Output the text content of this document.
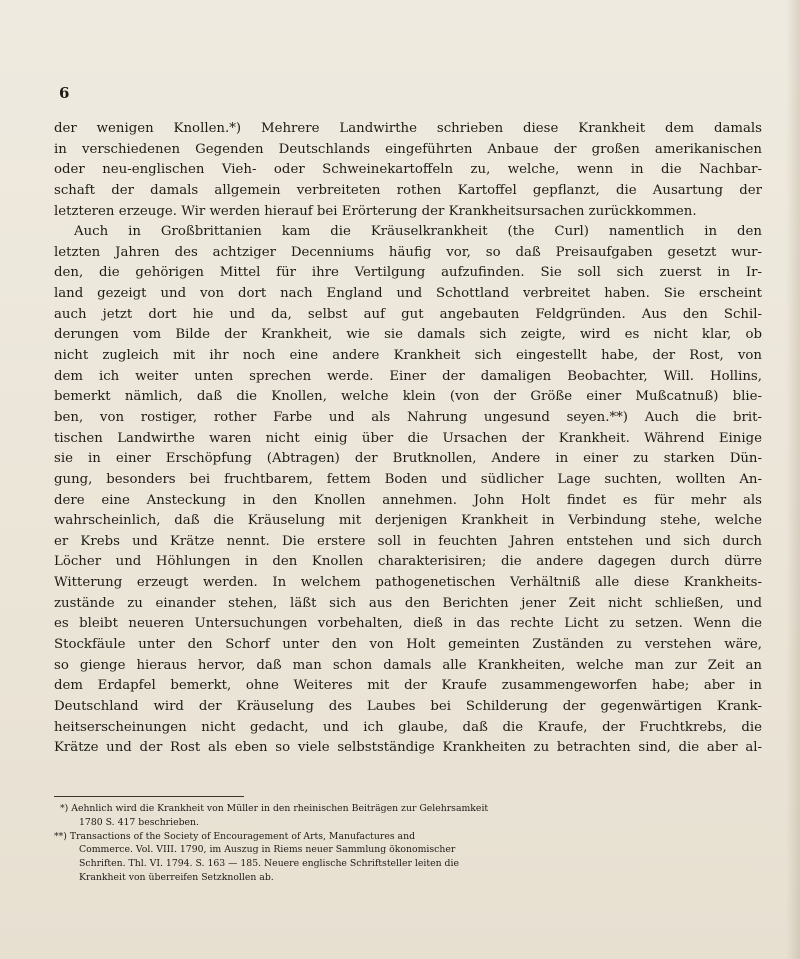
6

der wenigen Knollen.*) Mehrere Landwirthe schrieben diese Krankheit dem damals

in verschiedenen Gegenden Deutschlands eingeführten Anbaue der großen amerikanischen

oder neu-englischen Vieh- oder Schweinekartoffeln zu, welche, wenn in die Nachbar-

schaft der damals allgemein verbreiteten rothen Kartoffel gepflanzt, die Ausartung der

letzteren erzeuge. Wir werden hierauf bei Erörterung der Krankheitsursachen zurückkommen.

Auch in Großbrittanien kam die Kräuselkrankheit (the Curl) namentlich in den

letzten Jahren des achtziger Decenniums häufig vor, so daß Preisaufgaben gesetzt wur-

den, die gehörigen Mittel für ihre Vertilgung aufzufinden. Sie soll sich zuerst in Ir-

land gezeigt und von dort nach England und Schottland verbreitet haben. Sie erscheint

auch jetzt dort hie und da, selbst auf gut angebauten Feldgründen. Aus den Schil-

derungen vom Bilde der Krankheit, wie sie damals sich zeigte, wird es nicht klar, ob

nicht zugleich mit ihr noch eine andere Krankheit sich eingestellt habe, der Rost, von

dem ich weiter unten sprechen werde. Einer der damaligen Beobachter, Will. Hollins,

bemerkt nämlich, daß die Knollen, welche klein (von der Größe einer Mußcatnuß) blie-

ben, von rostiger, rother Farbe und als Nahrung ungesund seyen.**) Auch die brit-

tischen Landwirthe waren nicht einig über die Ursachen der Krankheit. Während Einige

sie in einer Erschöpfung (Abtragen) der Brutknollen, Andere in einer zu starken Dün-

gung, besonders bei fruchtbarem, fettem Boden und südlicher Lage suchten, wollten An-

dere eine Ansteckung in den Knollen annehmen. John Holt findet es für mehr als

wahrscheinlich, daß die Kräuselung mit derjenigen Krankheit in Verbindung stehe, welche

er Krebs und Krätze nennt. Die erstere soll in feuchten Jahren entstehen und sich durch

Löcher und Höhlungen in den Knollen charakterisiren; die andere dagegen durch dürre

Witterung erzeugt werden. In welchem pathogenetischen Verhältniß alle diese Krankheits-

zustände zu einander stehen, läßt sich aus den Berichten jener Zeit nicht schließen, und

es bleibt neueren Untersuchungen vorbehalten, dieß in das rechte Licht zu setzen. Wenn die

Stockfäule unter den Schorf unter den von Holt gemeinten Zuständen zu verstehen wäre,

so gienge hieraus hervor, daß man schon damals alle Krankheiten, welche man zur Zeit an

dem Erdapfel bemerkt, ohne Weiteres mit der Kraufe zusammengeworfen habe; aber in

Deutschland wird der Kräuselung des Laubes bei Schilderung der gegenwärtigen Krank-

heitserscheinungen nicht gedacht, und ich glaube, daß die Kraufe, der Fruchtkrebs, die

Krätze und der Rost als eben so viele selbstständige Krankheiten zu betrachten sind, die aber al-

*) Aehnlich wird die Krankheit von Müller in den rheinischen Beiträgen zur Gelehrsamkeit

1780 S. 417 beschrieben.

**) Transactions of the Society of Encouragement of Arts, Manufactures and

Commerce. Vol. VIII. 1790, im Auszug in Riems neuer Sammlung ökonomischer

Schriften. Thl. VI. 1794. S. 163 — 185. Neuere englische Schriftsteller leiten die

Krankheit von überreifen Setzknollen ab.
